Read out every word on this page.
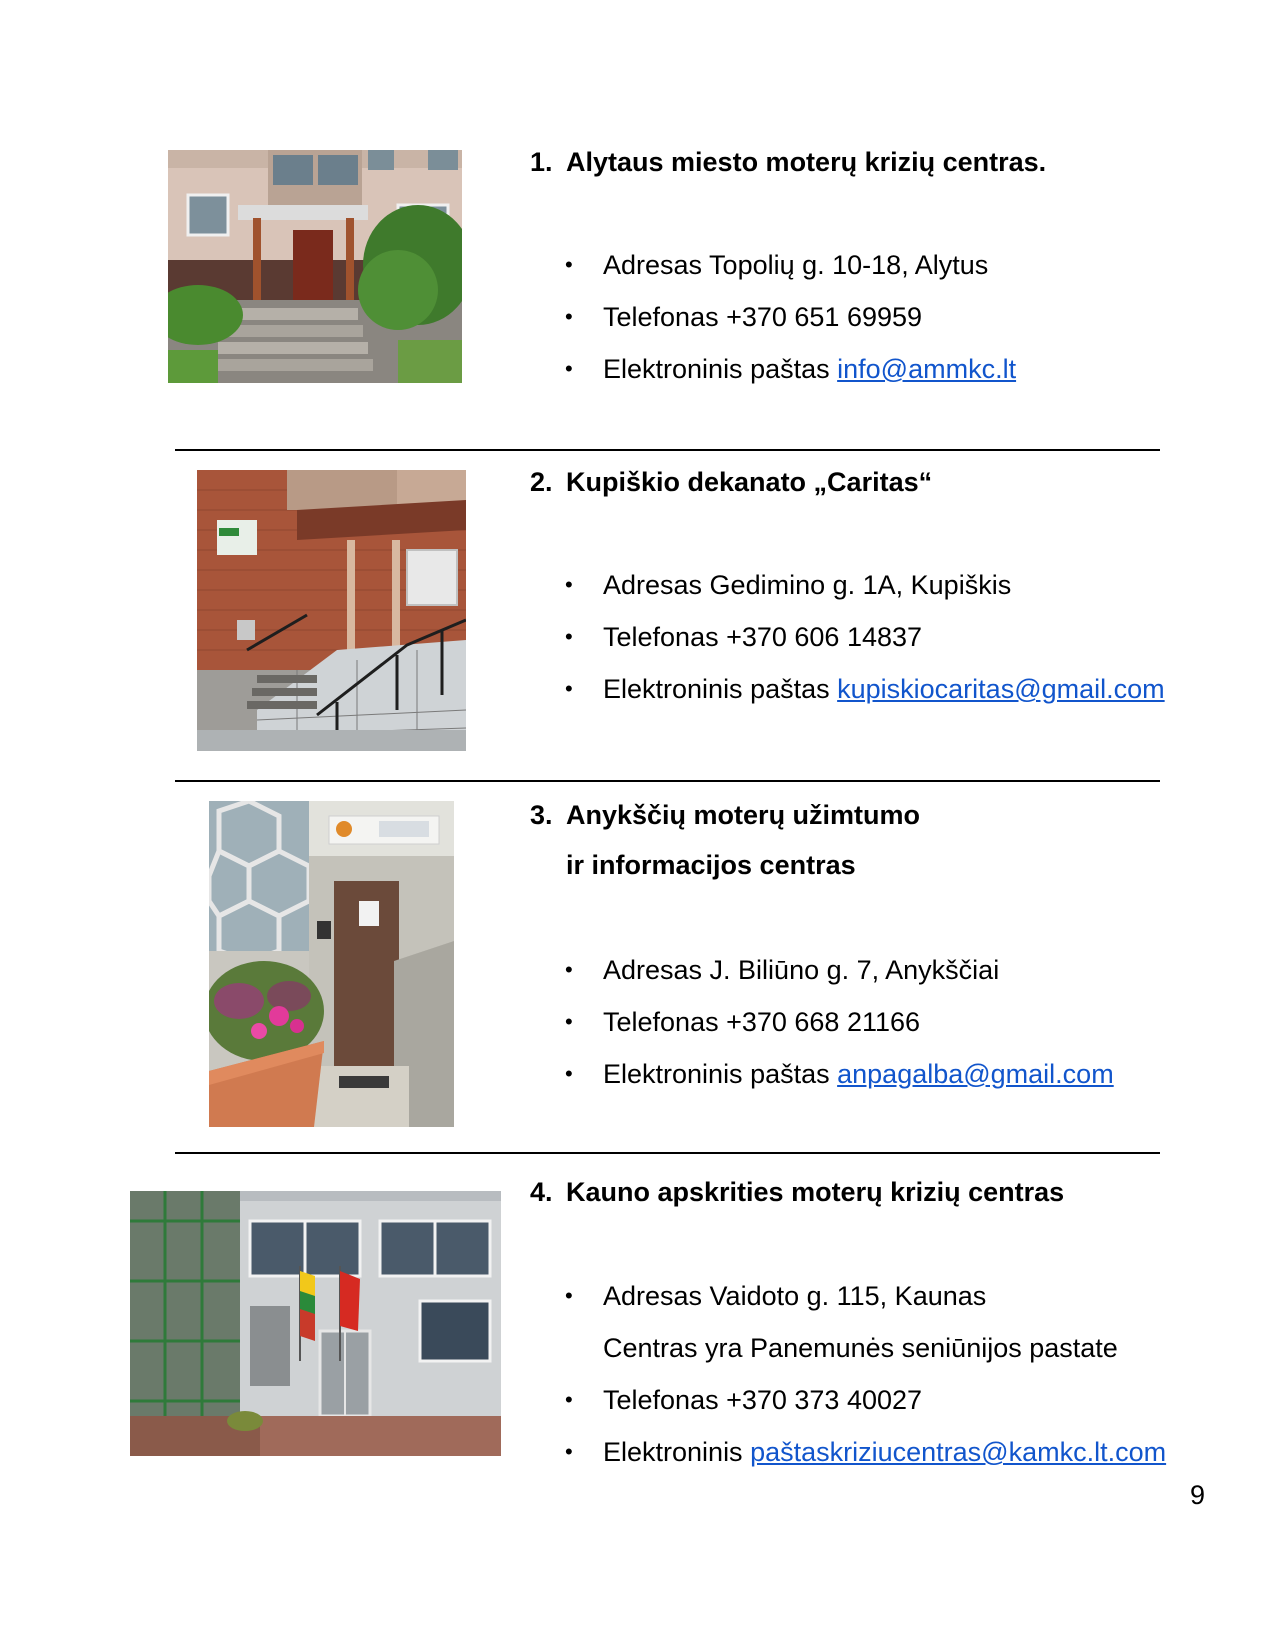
1. Alytaus miesto moterų krizių centras.
• Adresas Topolių g. 10-18, Alytus
• Telefonas +370 651 69959
• Elektroninis paštas info@ammkc.lt
2. Kupiškio dekanato „Caritas“
• Adresas Gedimino g. 1A, Kupiškis
• Telefonas +370 606 14837
• Elektroninis paštas kupiskiocaritas@gmail.com
3. Anykščių moterų užimtumo
ir informacijos centras
• Adresas J. Biliūno g. 7, Anykščiai
• Telefonas +370 668 21166
• Elektroninis paštas anpagalba@gmail.com
4. Kauno apskrities moterų krizių centras
• Adresas Vaidoto g. 115, Kaunas
Centras yra Panemunės seniūnijos pastate
• Telefonas +370 373 40027
• Elektroninis paštaskriziucentras@kamkc.lt.com
9
